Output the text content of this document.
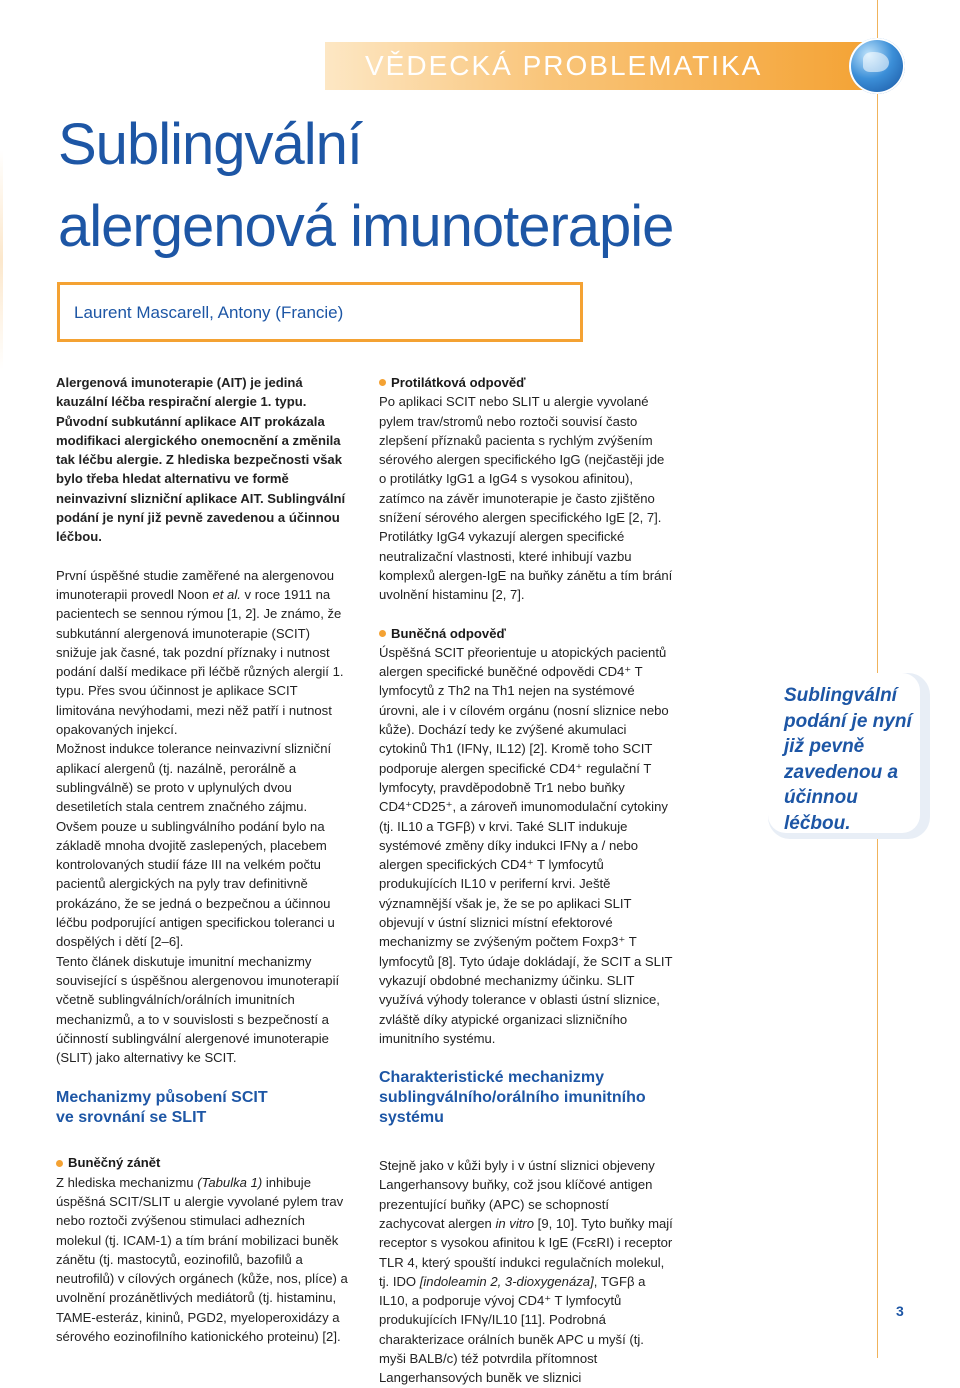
VĚDECKÁ PROBLEMATIKA
Sublingvální
alergenová imunoterapie
Laurent Mascarell, Antony (Francie)

Alergenová imunoterapie (AIT) je jediná kauzální léčba respirační alergie 1. typu. Původní subkutánní aplikace AIT prokázala modifikaci alergického onemocnění a změnila tak léčbu alergie. Z hlediska bezpečnosti však bylo třeba hledat alternativu ve formě neinvazivní slizniční aplikace AIT. Sublingvální podání je nyní již pevně zavedenou a účinnou léčbou.

První úspěšné studie zaměřené na alergenovou imunoterapii provedl Noon et al. v roce 1911 na pacientech se sennou rýmou [1, 2]. Je známo, že subkutánní alergenová imunoterapie (SCIT) snižuje jak časné, tak pozdní příznaky i nutnost podání další medikace při léčbě různých alergií 1. typu. Přes svou účinnost je aplikace SCIT limitována nevýhodami, mezi něž patří i nutnost opakovaných injekcí.

Možnost indukce tolerance neinvazivní slizniční aplikací alergenů (tj. nazálně, perorálně a sublingválně) se proto v uplynulých dvou desetiletích stala centrem značného zájmu. Ovšem pouze u sublingválního podání bylo na základě mnoha dvojitě zaslepených, placebem kontrolovaných studií fáze III na velkém počtu pacientů alergických na pyly trav definitivně prokázáno, že se jedná o bezpečnou a účinnou léčbu podporující antigen specifickou toleranci u dospělých i dětí [2–6].

Tento článek diskutuje imunitní mechanizmy související s úspěšnou alergenovou imunoterapií včetně sublingválních/orálních imunitních mechanizmů, a to v souvislosti s bezpečností a účinností sublingvální alergenové imunoterapie (SLIT) jako alternativy ke SCIT.

Mechanizmy působení SCIT
ve srovnání se SLIT

Buněčný zánět

Z hlediska mechanizmu (Tabulka 1) inhibuje úspěšná SCIT/SLIT u alergie vyvolané pylem trav nebo roztoči zvýšenou stimulaci adhezních molekul (tj. ICAM-1) a tím brání mobilizaci buněk zánětu (tj. mastocytů, eozinofilů, bazofilů a neutrofilů) v cílových orgánech (kůže, nos, plíce) a uvolnění prozánětlivých mediátorů (tj. histaminu, TAME-esteráz, kininů, PGD2, myeloperoxidázy a sérového eozinofilního kationického proteinu) [2].

Protilátková odpověď

Po aplikaci SCIT nebo SLIT u alergie vyvolané pylem trav/stromů nebo roztoči souvisí často zlepšení příznaků pacienta s rychlým zvýšením sérového alergen specifického IgG (nejčastěji jde o protilátky IgG1 a IgG4 s vysokou afinitou), zatímco na závěr imunoterapie je často zjištěno snížení sérového alergen specifického IgE [2, 7]. Protilátky IgG4 vykazují alergen specifické neutralizační vlastnosti, které inhibují vazbu komplexů alergen-IgE na buňky zánětu a tím brání uvolnění histaminu [2, 7].

Buněčná odpověď

Úspěšná SCIT přeorientuje u atopických pacientů alergen specifické buněčné odpovědi CD4⁺ T lymfocytů z Th2 na Th1 nejen na systémové úrovni, ale i v cílovém orgánu (nosní sliznice nebo kůže). Dochází tedy ke zvýšené akumulaci cytokinů Th1 (IFNγ, IL12) [2]. Kromě toho SCIT podporuje alergen specifické CD4⁺ regulační T lymfocyty, pravděpodobně Tr1 nebo buňky CD4⁺CD25⁺, a zároveň imunomodulační cytokiny (tj. IL10 a TGFβ) v krvi. Také SLIT indukuje systémové změny díky indukci IFNγ a / nebo alergen specifických CD4⁺ T lymfocytů produkujících IL10 v periferní krvi. Ještě významnější však je, že se po aplikaci SLIT objevují v ústní sliznici místní efektorové mechanizmy se zvýšeným počtem Foxp3⁺ T lymfocytů [8]. Tyto údaje dokládají, že SCIT a SLIT vykazují obdobné mechanizmy účinku. SLIT využívá výhody tolerance v oblasti ústní sliznice, zvláště díky atypické organizaci slizničního imunitního systému.

Charakteristické mechanizmy
sublingválního/orálního imunitního
systému

Stejně jako v kůži byly i v ústní sliznici objeveny Langerhansovy buňky, což jsou klíčové antigen prezentující buňky (APC) se schopností zachycovat alergen in vitro [9, 10]. Tyto buňky mají receptor s vysokou afinitou k IgE (FcεRI) i receptor TLR 4, který spouští indukci regulačních molekul, tj. IDO [indoleamin 2, 3-dioxygenáza], TGFβ a IL10, a podporuje vývoj CD4⁺ T lymfocytů produkujících IFNγ/IL10 [11]. Podrobná charakterizace orálních buněk APC u myší (tj. myši BALB/c) též potvrdila přítomnost Langerhansových buněk ve sliznici

Sublingvální podání je nyní již pevně zavedenou a účinnou léčbou.
3
